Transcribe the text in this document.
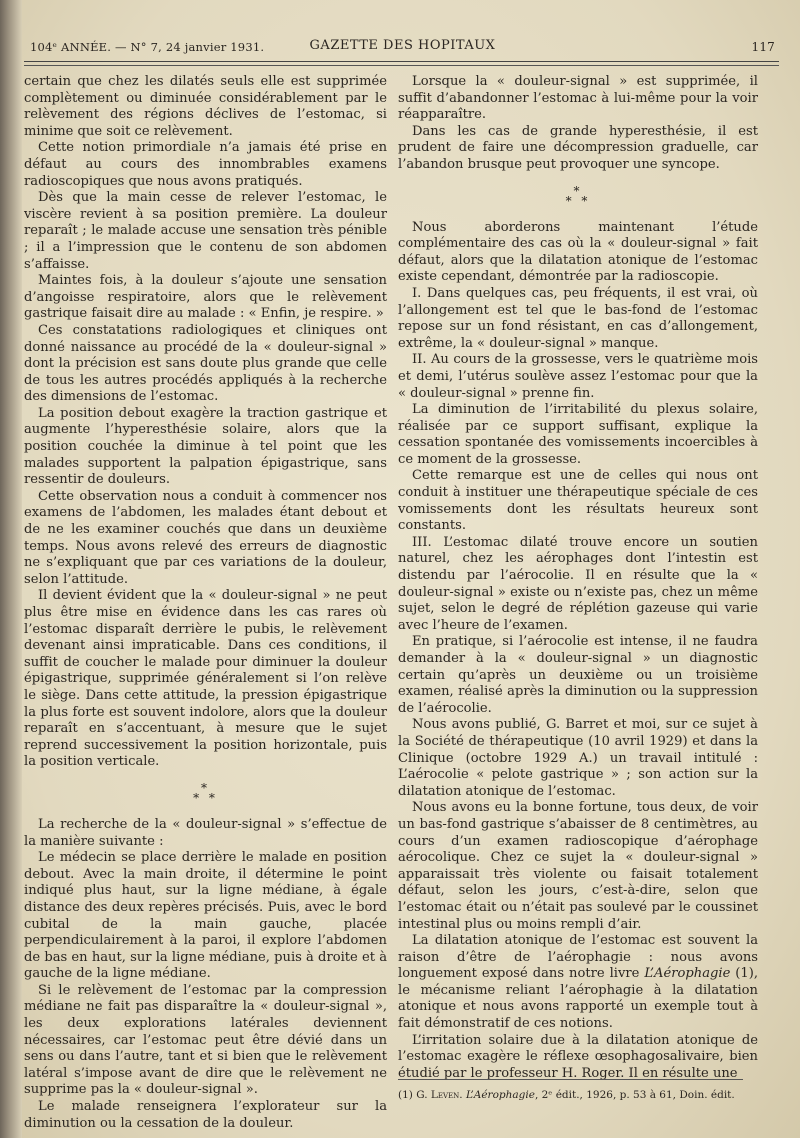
104ᵉ ANNÉE. — N° 7, 24 janvier 1931.	GAZETTE DES HOPITAUX	117

certain que chez les dilatés seuls elle est supprimée complètement ou diminuée considérablement par le relèvement des régions déclives de l’estomac, si minime que soit ce relèvement.

Cette notion primordiale n’a jamais été prise en défaut au cours des innombrables examens radioscopiques que nous avons pratiqués.

Dès que la main cesse de relever l’estomac, le viscère revient à sa position première. La douleur reparaît ; le malade accuse une sensation très pénible ; il a l’impression que le contenu de son abdomen s’affaisse.

Maintes fois, à la douleur s’ajoute une sensation d’angoisse respiratoire, alors que le relèvement gastrique faisait dire au malade : « Enfin, je respire. »

Ces constatations radiologiques et cliniques ont donné naissance au procédé de la « douleur-signal » dont la précision est sans doute plus grande que celle de tous les autres procédés appliqués à la recherche des dimensions de l’estomac.

La position debout exagère la traction gastrique et augmente l’hyperesthésie solaire, alors que la position couchée la diminue à tel point que les malades supportent la palpation épigastrique, sans ressentir de douleurs.

Cette observation nous a conduit à commencer nos examens de l’abdomen, les malades étant debout et de ne les examiner couchés que dans un deuxième temps. Nous avons relevé des erreurs de diagnostic ne s’expliquant que par ces variations de la douleur, selon l’attitude.

Il devient évident que la « douleur-signal » ne peut plus être mise en évidence dans les cas rares où l’estomac disparaît derrière le pubis, le relèvement devenant ainsi impraticable. Dans ces conditions, il suffit de coucher le malade pour diminuer la douleur épigastrique, supprimée généralement si l’on relève le siège. Dans cette attitude, la pression épigastrique la plus forte est souvent indolore, alors que la douleur reparaît en s’accentuant, à mesure que le sujet reprend successivement la position horizontale, puis la position verticale.

*
* *

La recherche de la « douleur-signal » s’effectue de la manière suivante :

Le médecin se place derrière le malade en position debout. Avec la main droite, il détermine le point indiqué plus haut, sur la ligne médiane, à égale distance des deux repères précisés. Puis, avec le bord cubital de la main gauche, placée perpendiculairement à la paroi, il explore l’abdomen de bas en haut, sur la ligne médiane, puis à droite et à gauche de la ligne médiane.

Si le relèvement de l’estomac par la compression médiane ne fait pas disparaître la « douleur-signal », les deux explorations latérales deviennent nécessaires, car l’estomac peut être dévié dans un sens ou dans l’autre, tant et si bien que le relèvement latéral s’impose avant de dire que le relèvement ne supprime pas la « douleur-signal ».

Le malade renseignera l’explorateur sur la diminution ou la cessation de la douleur.

Lorsque la « douleur-signal » est supprimée, il suffit d’abandonner l’estomac à lui-même pour la voir réapparaître.

Dans les cas de grande hyperesthésie, il est prudent de faire une décompression graduelle, car l’abandon brusque peut provoquer une syncope.

*
* *

Nous aborderons maintenant l’étude complémentaire des cas où la « douleur-signal » fait défaut, alors que la dilatation atonique de l’estomac existe cependant, démontrée par la radioscopie.

I. Dans quelques cas, peu fréquents, il est vrai, où l’allongement est tel que le bas-fond de l’estomac repose sur un fond résistant, en cas d’allongement, extrême, la « douleur-signal » manque.

II. Au cours de la grossesse, vers le quatrième mois et demi, l’utérus soulève assez l’estomac pour que la « douleur-signal » prenne fin.

La diminution de l’irritabilité du plexus solaire, réalisée par ce support suffisant, explique la cessation spontanée des vomissements incoercibles à ce moment de la grossesse.

Cette remarque est une de celles qui nous ont conduit à instituer une thérapeutique spéciale de ces vomissements dont les résultats heureux sont constants.

III. L’estomac dilaté trouve encore un soutien naturel, chez les aérophages dont l’intestin est distendu par l’aérocolie. Il en résulte que la « douleur-signal » existe ou n’existe pas, chez un même sujet, selon le degré de réplétion gazeuse qui varie avec l’heure de l’examen.

En pratique, si l’aérocolie est intense, il ne faudra demander à la « douleur-signal » un diagnostic certain qu’après un deuxième ou un troisième examen, réalisé après la diminution ou la suppression de l’aérocolie.

Nous avons publié, G. Barret et moi, sur ce sujet à la Société de thérapeutique (10 avril 1929) et dans la Clinique (octobre 1929 A.) un travail intitulé : L’aérocolie « pelote gastrique » ; son action sur la dilatation atonique de l’estomac.

Nous avons eu la bonne fortune, tous deux, de voir un bas-fond gastrique s’abaisser de 8 centimètres, au cours d’un examen radioscopique d’aérophage aérocolique. Chez ce sujet la « douleur-signal » apparaissait très violente ou faisait totalement défaut, selon les jours, c’est-à-dire, selon que l’estomac était ou n’était pas soulevé par le coussinet intestinal plus ou moins rempli d’air.

La dilatation atonique de l’estomac est souvent la raison d’être de l’aérophagie : nous avons longuement exposé dans notre livre L’Aérophagie (1), le mécanisme reliant l’aérophagie à la dilatation atonique et nous avons rapporté un exemple tout à fait démonstratif de ces notions.

L’irritation solaire due à la dilatation atonique de l’estomac exagère le réflexe œsophagosalivaire, bien étudié par le professeur H. Roger. Il en résulte une

(1) G. Leven. L’Aérophagie, 2ᵉ édit., 1926, p. 53 à 61, Doin. édit.
